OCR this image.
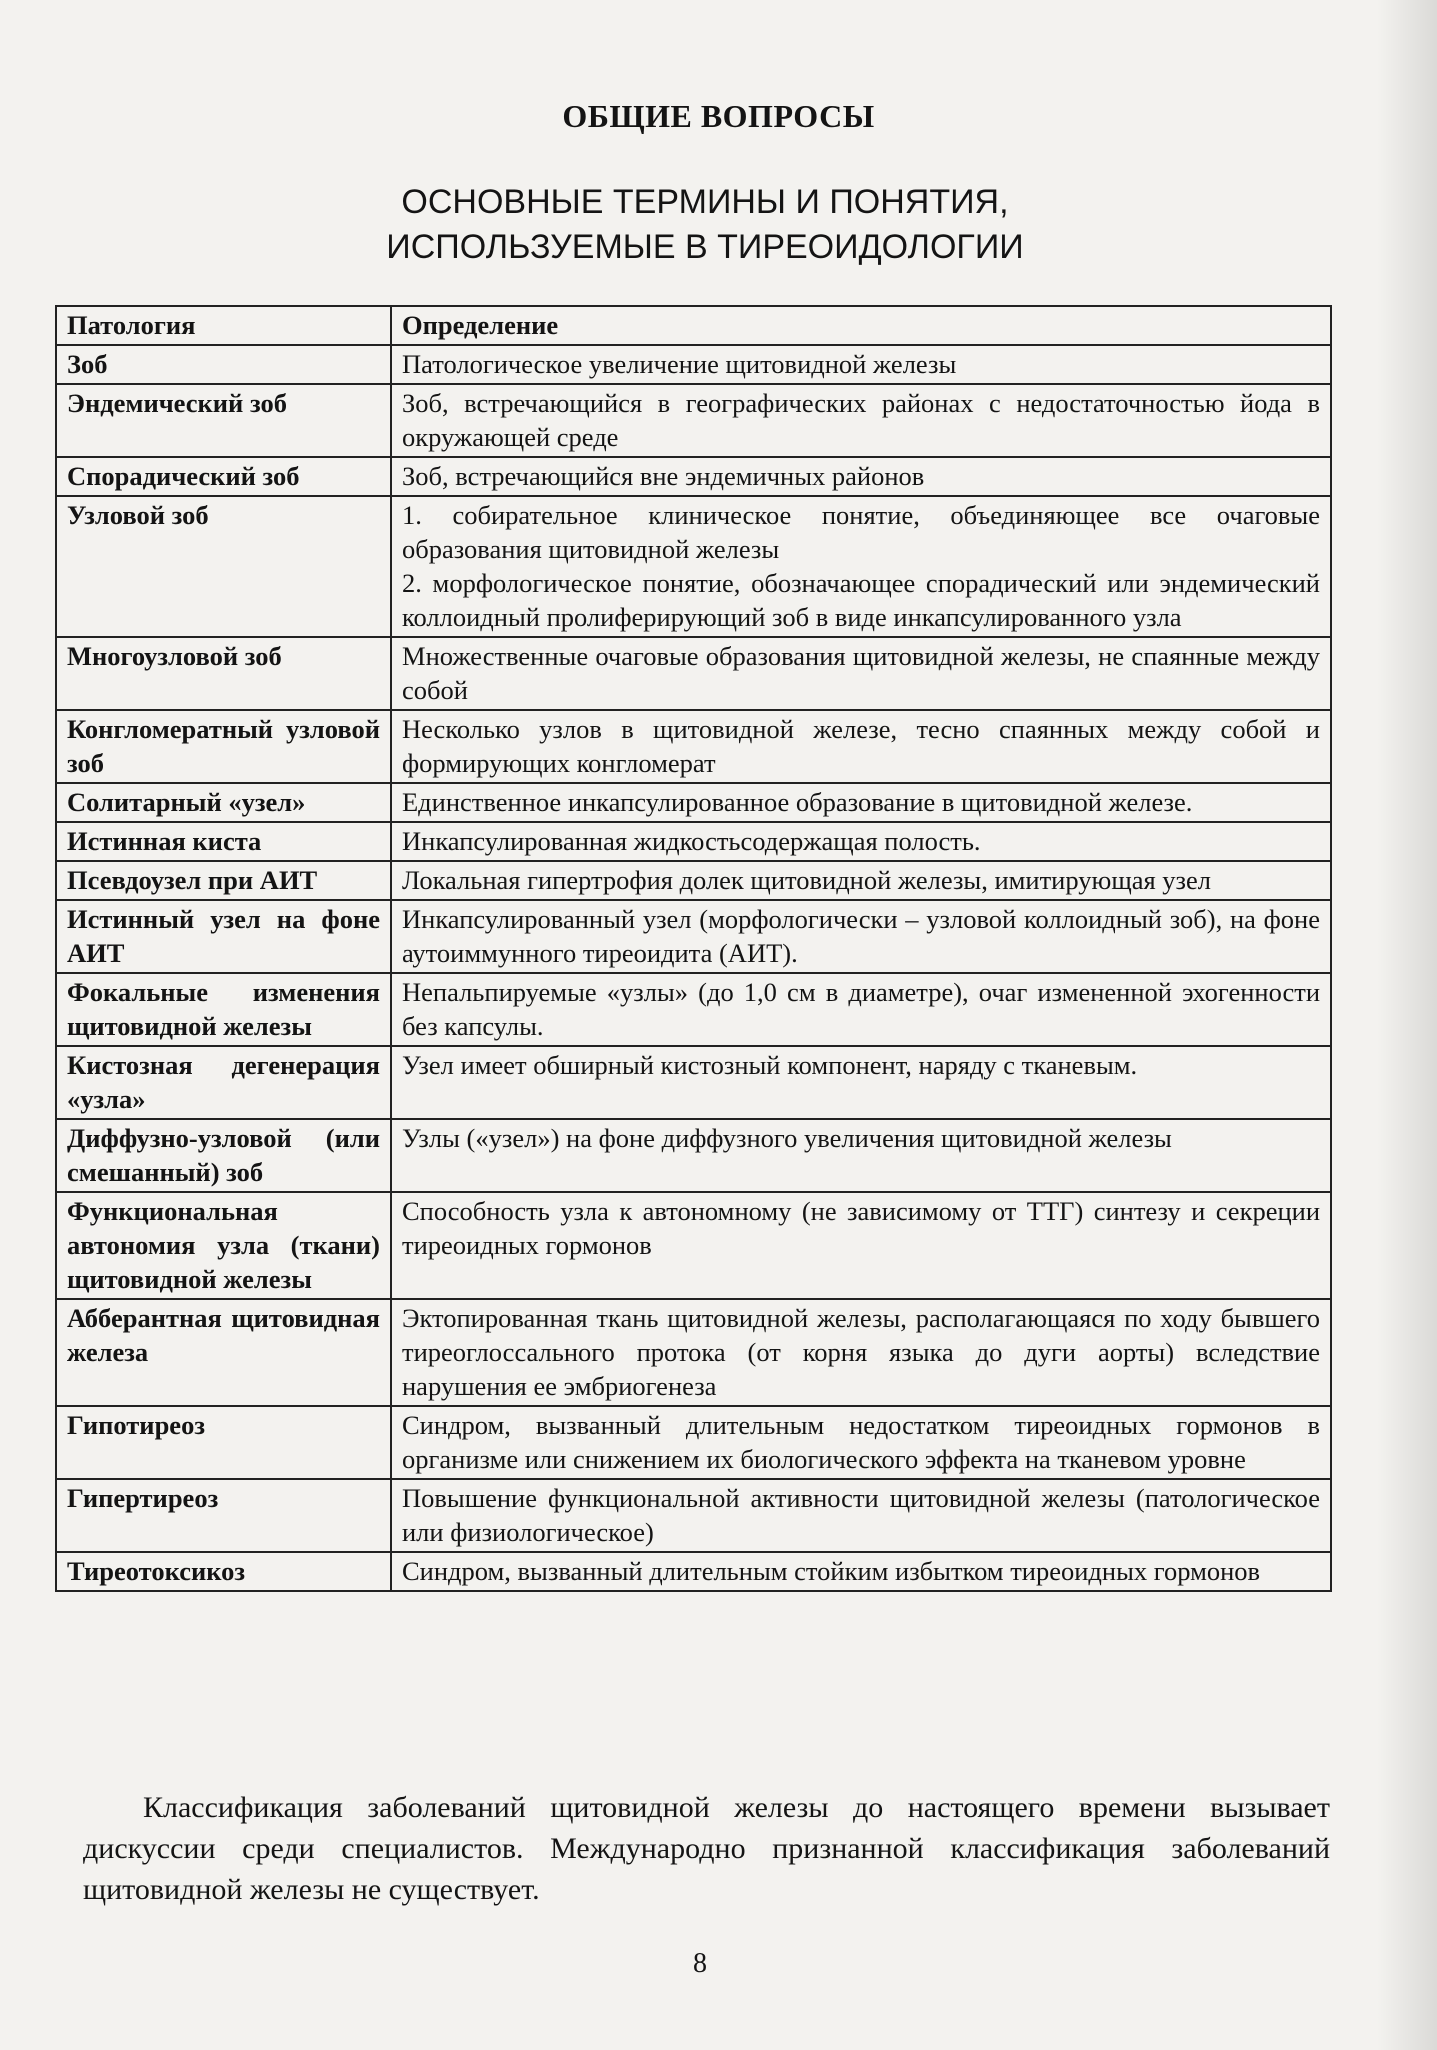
ОБЩИЕ ВОПРОСЫ
ОСНОВНЫЕ ТЕРМИНЫ И ПОНЯТИЯ,
ИСПОЛЬЗУЕМЫЕ В ТИРЕОИДОЛОГИИ
Патология	Определение
Зоб	Патологическое увеличение щитовидной железы
Эндемический зоб	Зоб, встречающийся в географических районах с недостаточностью йода в окружающей среде
Спорадический зоб	Зоб, встречающийся вне эндемичных районов
Узловой зоб	1. собирательное клиническое понятие, объединяющее все очаговые образования щитовидной железы
2. морфологическое понятие, обозначающее спорадический или эндемический коллоидный пролиферирующий зоб в виде инкапсулированного узла

Многоузловой зоб	Множественные очаговые образования щитовидной железы, не спаянные между собой
Конгломератный узловой зоб	Несколько узлов в щитовидной железе, тесно спаянных между собой и формирующих конгломерат
Солитарный «узел»	Единственное инкапсулированное образование в щитовидной железе.
Истинная киста	Инкапсулированная жидкостьсодержащая полость.
Псевдоузел при АИТ	Локальная гипертрофия долек щитовидной железы, имитирующая узел
Истинный узел на фоне АИТ	Инкапсулированный узел (морфологически – узловой коллоидный зоб), на фоне аутоиммунного тиреоидита (АИТ).
Фокальные изменения щитовидной железы	Непальпируемые «узлы» (до 1,0 см в диаметре), очаг измененной эхогенности без капсулы.
Кистозная дегенерация «узла»	Узел имеет обширный кистозный компонент, наряду с тканевым.
Диффузно-узловой (или смешанный) зоб	Узлы («узел») на фоне диффузного увеличения щитовидной железы
Функциональная автономия узла (ткани) щитовидной железы	Способность узла к автономному (не зависимому от ТТГ) синтезу и секреции тиреоидных гормонов
Абберантная щитовидная железа	Эктопированная ткань щитовидной железы, располагающаяся по ходу бывшего тиреоглоссального протока (от корня языка до дуги аорты) вследствие нарушения ее эмбриогенеза
Гипотиреоз	Синдром, вызванный длительным недостатком тиреоидных гормонов в организме или снижением их биологического эффекта на тканевом уровне
Гипертиреоз	Повышение функциональной активности щитовидной железы (патологическое или физиологическое)
Тиреотоксикоз	Синдром, вызванный длительным стойким избытком тиреоидных гормонов

Классификация заболеваний щитовидной железы до настоящего времени вызывает дискуссии среди специалистов. Международно признанной классификация заболеваний щитовидной железы не существует.

8
